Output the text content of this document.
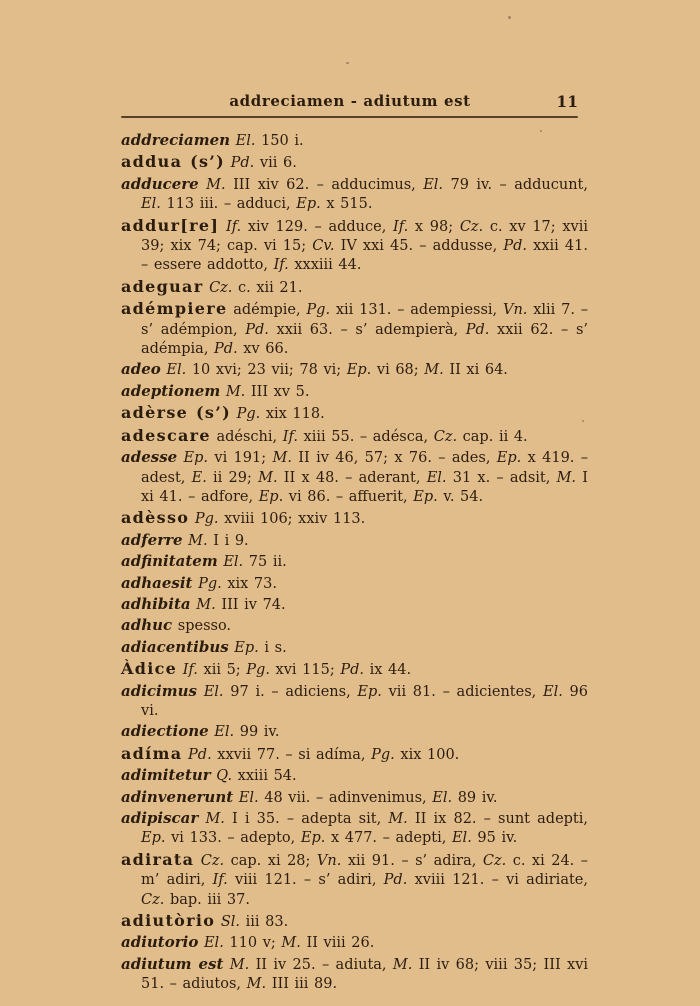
addreciamen - adiutum est	11

addreciamen El. 150 i.

addua (s’) Pd. vii 6.

adducere M. III xiv 62. – adducimus, El. 79 iv. – adducunt, El. 113 iii. – adduci, Ep. x 515.

addur[re] If. xiv 129. – adduce, If. x 98; Cz. c. xv 17; xvii 39; xix 74; cap. vi 15; Cv. IV xxi 45. – addusse, Pd. xxii 41. – essere addotto, If. xxxiii 44.

adeguar Cz. c. xii 21.

adémpiere adémpie, Pg. xii 131. – adempiessi, Vn. xlii 7. – s’ adémpion, Pd. xxii 63. – s’ adempierà, Pd. xxii 62. – s’ adémpia, Pd. xv 66.

adeo El. 10 xvi; 23 vii; 78 vi; Ep. vi 68; M. II xi 64.

adeptionem M. III xv 5.

adèrse (s’) Pg. xix 118.

adescare adéschi, If. xiii 55. – adésca, Cz. cap. ii 4.

adesse Ep. vi 191; M. II iv 46, 57; x 76. – ades, Ep. x 419. – adest, E. ii 29; M. II x 48. – aderant, El. 31 x. – adsit, M. I xi 41. – adfore, Ep. vi 86. – affuerit, Ep. v. 54.

adèsso Pg. xviii 106; xxiv 113.

adferre M. I i 9.

adfinitatem El. 75 ii.

adhaesit Pg. xix 73.

adhibita M. III iv 74.

adhuc spesso.

adiacentibus Ep. i s.

Àdice If. xii 5; Pg. xvi 115; Pd. ix 44.

adicimus El. 97 i. – adiciens, Ep. vii 81. – adicientes, El. 96 vi.

adiectione El. 99 iv.

adíma Pd. xxvii 77. – si adíma, Pg. xix 100.

adimitetur Q. xxiii 54.

adinvenerunt El. 48 vii. – adinvenimus, El. 89 iv.

adipiscar M. I i 35. – adepta sit, M. II ix 82. – sunt adepti, Ep. vi 133. – adepto, Ep. x 477. – adepti, El. 95 iv.

adirata Cz. cap. xi 28; Vn. xii 91. – s’ adira, Cz. c. xi 24. – m’ adiri, If. viii 121. – s’ adiri, Pd. xviii 121. – vi adiriate, Cz. bap. iii 37.

adiutòrio Sl. iii 83.

adiutorio El. 110 v; M. II viii 26.

adiutum est M. II iv 25. – adiuta, M. II iv 68; viii 35; III xvi 51. – adiutos, M. III iii 89.
